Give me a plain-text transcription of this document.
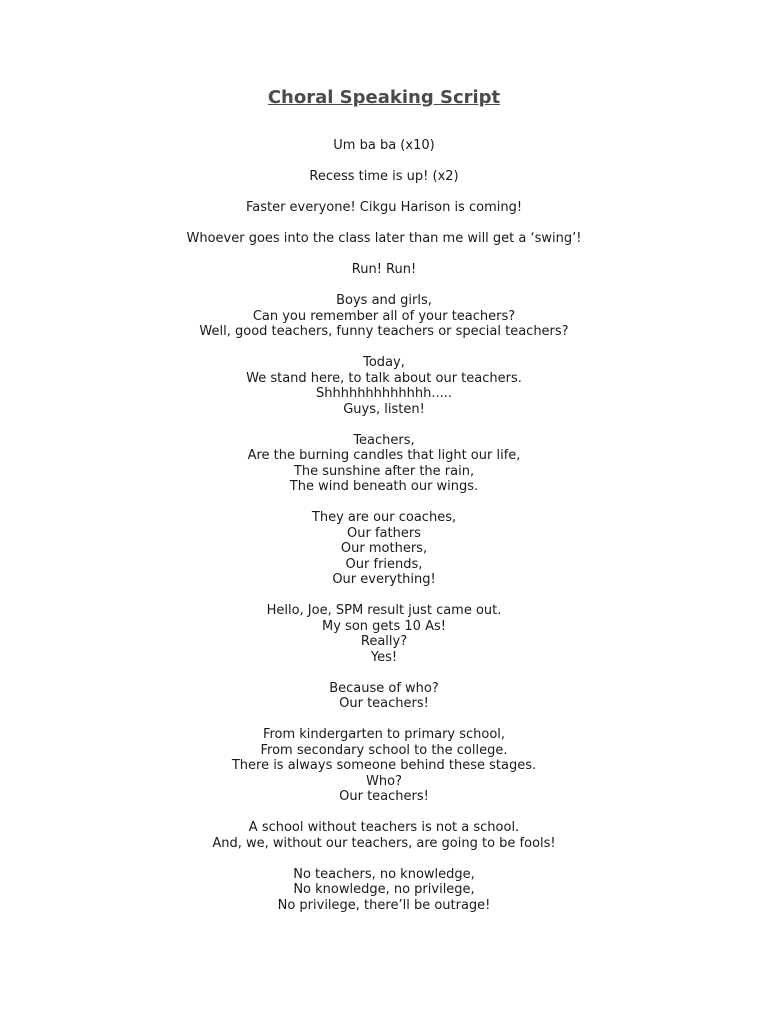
Choral Speaking Script
Um ba ba (x10)
Recess time is up! (x2)
Faster everyone! Cikgu Harison is coming!
Whoever goes into the class later than me will get a ‘swing’!
Run! Run!
Boys and girls,
Can you remember all of your teachers?
Well, good teachers, funny teachers or special teachers?
Today,
We stand here, to talk about our teachers.
Shhhhhhhhhhhhh.....
Guys, listen!
Teachers,
Are the burning candles that light our life,
The sunshine after the rain,
The wind beneath our wings.
They are our coaches,
Our fathers
Our mothers,
Our friends,
Our everything!
Hello, Joe, SPM result just came out.
My son gets 10 As!
Really?
Yes!
Because of who?
Our teachers!
From kindergarten to primary school,
From secondary school to the college.
There is always someone behind these stages.
Who?
Our teachers!
A school without teachers is not a school.
And, we, without our teachers, are going to be fools!
No teachers, no knowledge,
No knowledge, no privilege,
No privilege, there’ll be outrage!
